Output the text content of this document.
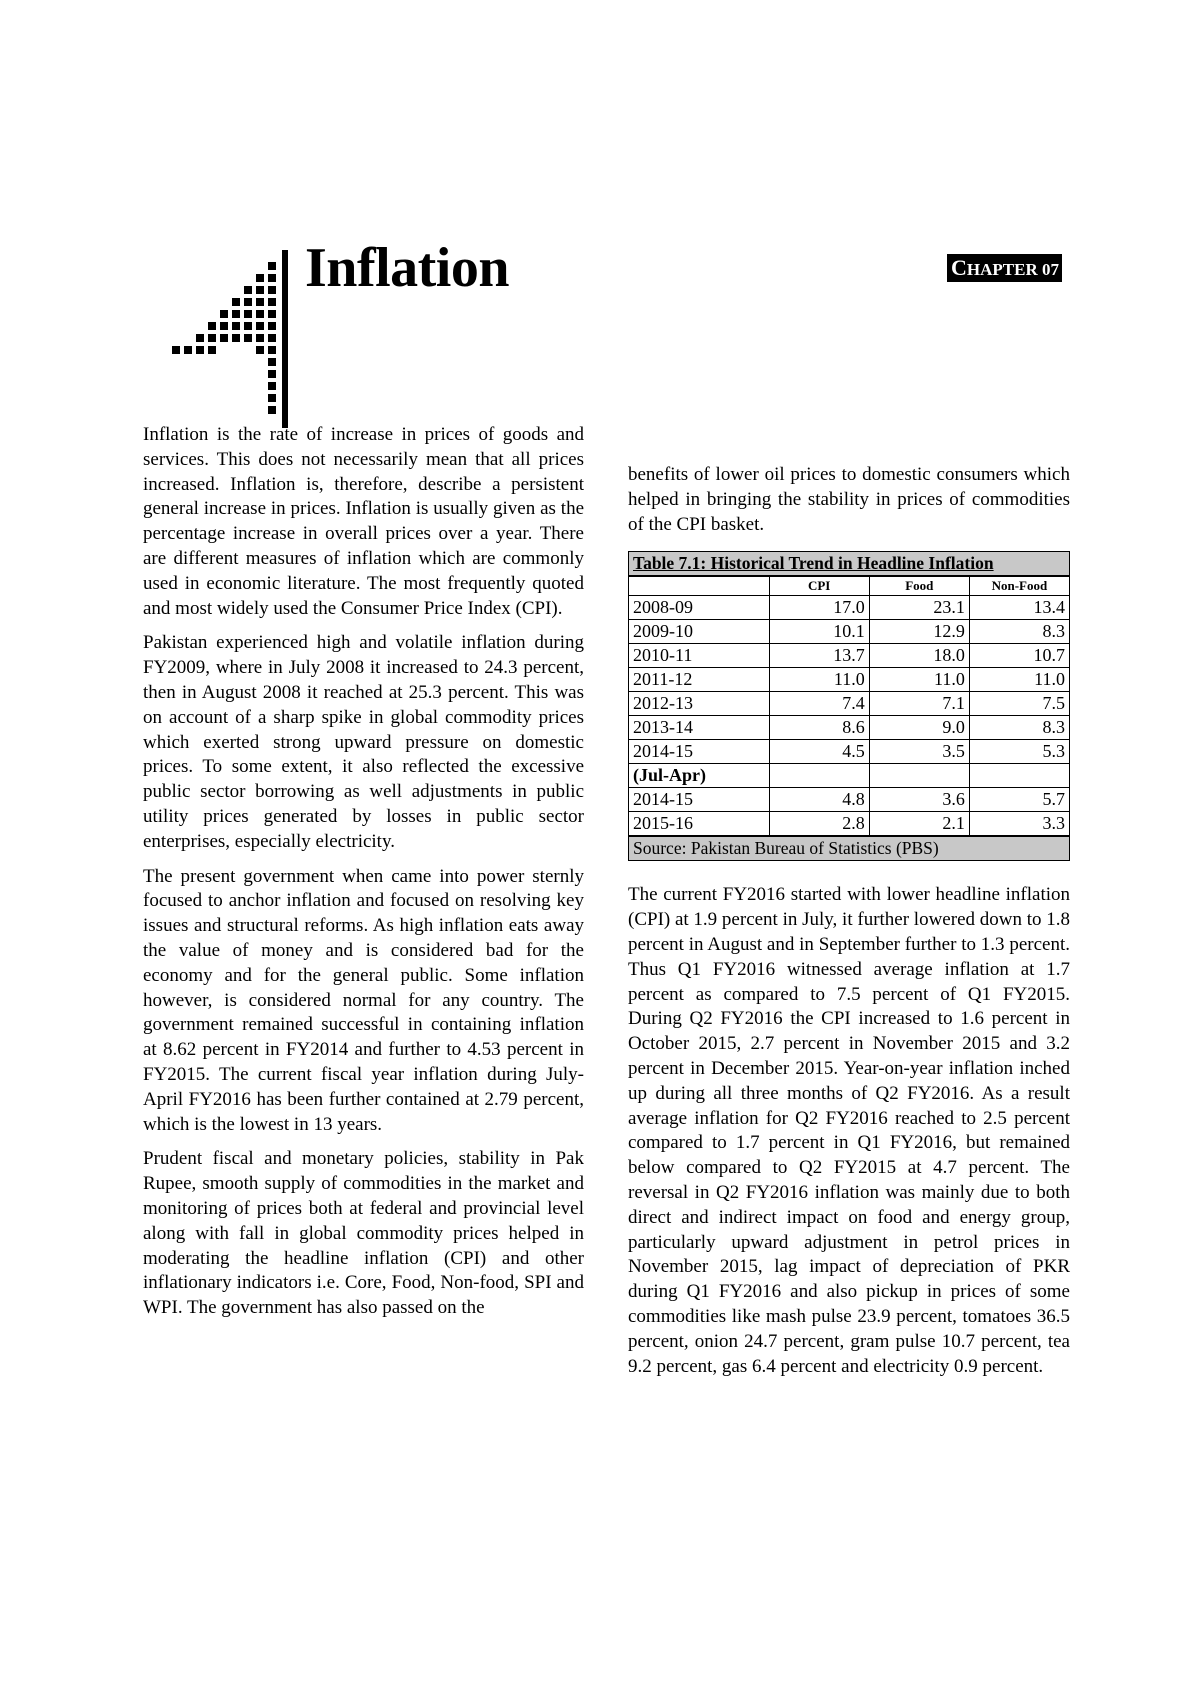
Inflation	CHAPTER 07

Inflation is the rate of increase in prices of goods and services. This does not necessarily mean that all prices increased. Inflation is, therefore, describe a persistent general increase in prices. Inflation is usually given as the percentage increase in overall prices over a year. There are different measures of inflation which are commonly used in economic literature. The most frequently quoted and most widely used the Consumer Price Index (CPI).

Pakistan experienced high and volatile inflation during FY2009, where in July 2008 it increased to 24.3 percent, then in August 2008 it reached at 25.3 percent. This was on account of a sharp spike in global commodity prices which exerted strong upward pressure on domestic prices. To some extent, it also reflected the excessive public sector borrowing as well adjustments in public utility prices generated by losses in public sector enterprises, especially electricity.

The present government when came into power sternly focused to anchor inflation and focused on resolving key issues and structural reforms. As high inflation eats away the value of money and is considered bad for the economy and for the general public. Some inflation however, is considered normal for any country. The government remained successful in containing inflation at 8.62 percent in FY2014 and further to 4.53 percent in FY2015. The current fiscal year inflation during July-April FY2016 has been further contained at 2.79 percent, which is the lowest in 13 years.

Prudent fiscal and monetary policies, stability in Pak Rupee, smooth supply of commodities in the market and monitoring of prices both at federal and provincial level along with fall in global commodity prices helped in moderating the headline inflation (CPI) and other inflationary indicators i.e. Core, Food, Non-food, SPI and WPI. The government has also passed on the

benefits of lower oil prices to domestic consumers which helped in bringing the stability in prices of commodities of the CPI basket.

Table 7.1: Historical Trend in Headline Inflation			
	CPI	Food	Non-Food
2008-09	17.0	23.1	13.4
2009-10	10.1	12.9	8.3
2010-11	13.7	18.0	10.7
2011-12	11.0	11.0	11.0
2012-13	7.4	7.1	7.5
2013-14	8.6	9.0	8.3
2014-15	4.5	3.5	5.3
(Jul-Apr)			
2014-15	4.8	3.6	5.7
2015-16	2.8	2.1	3.3
Source: Pakistan Bureau of Statistics (PBS)			

The current FY2016 started with lower headline inflation (CPI) at 1.9 percent in July, it further lowered down to 1.8 percent in August and in September further to 1.3 percent. Thus Q1 FY2016 witnessed average inflation at 1.7 percent as compared to 7.5 percent of Q1 FY2015. During Q2 FY2016 the CPI increased to 1.6 percent in October 2015, 2.7 percent in November 2015 and 3.2 percent in December 2015. Year-on-year inflation inched up during all three months of Q2 FY2016. As a result average inflation for Q2 FY2016 reached to 2.5 percent compared to 1.7 percent in Q1 FY2016, but remained below compared to Q2 FY2015 at 4.7 percent. The reversal in Q2 FY2016 inflation was mainly due to both direct and indirect impact on food and energy group, particularly upward adjustment in petrol prices in November 2015, lag impact of depreciation of PKR during Q1 FY2016 and also pickup in prices of some commodities like mash pulse 23.9 percent, tomatoes 36.5 percent, onion 24.7 percent, gram pulse 10.7 percent, tea 9.2 percent, gas 6.4 percent and electricity 0.9 percent.
